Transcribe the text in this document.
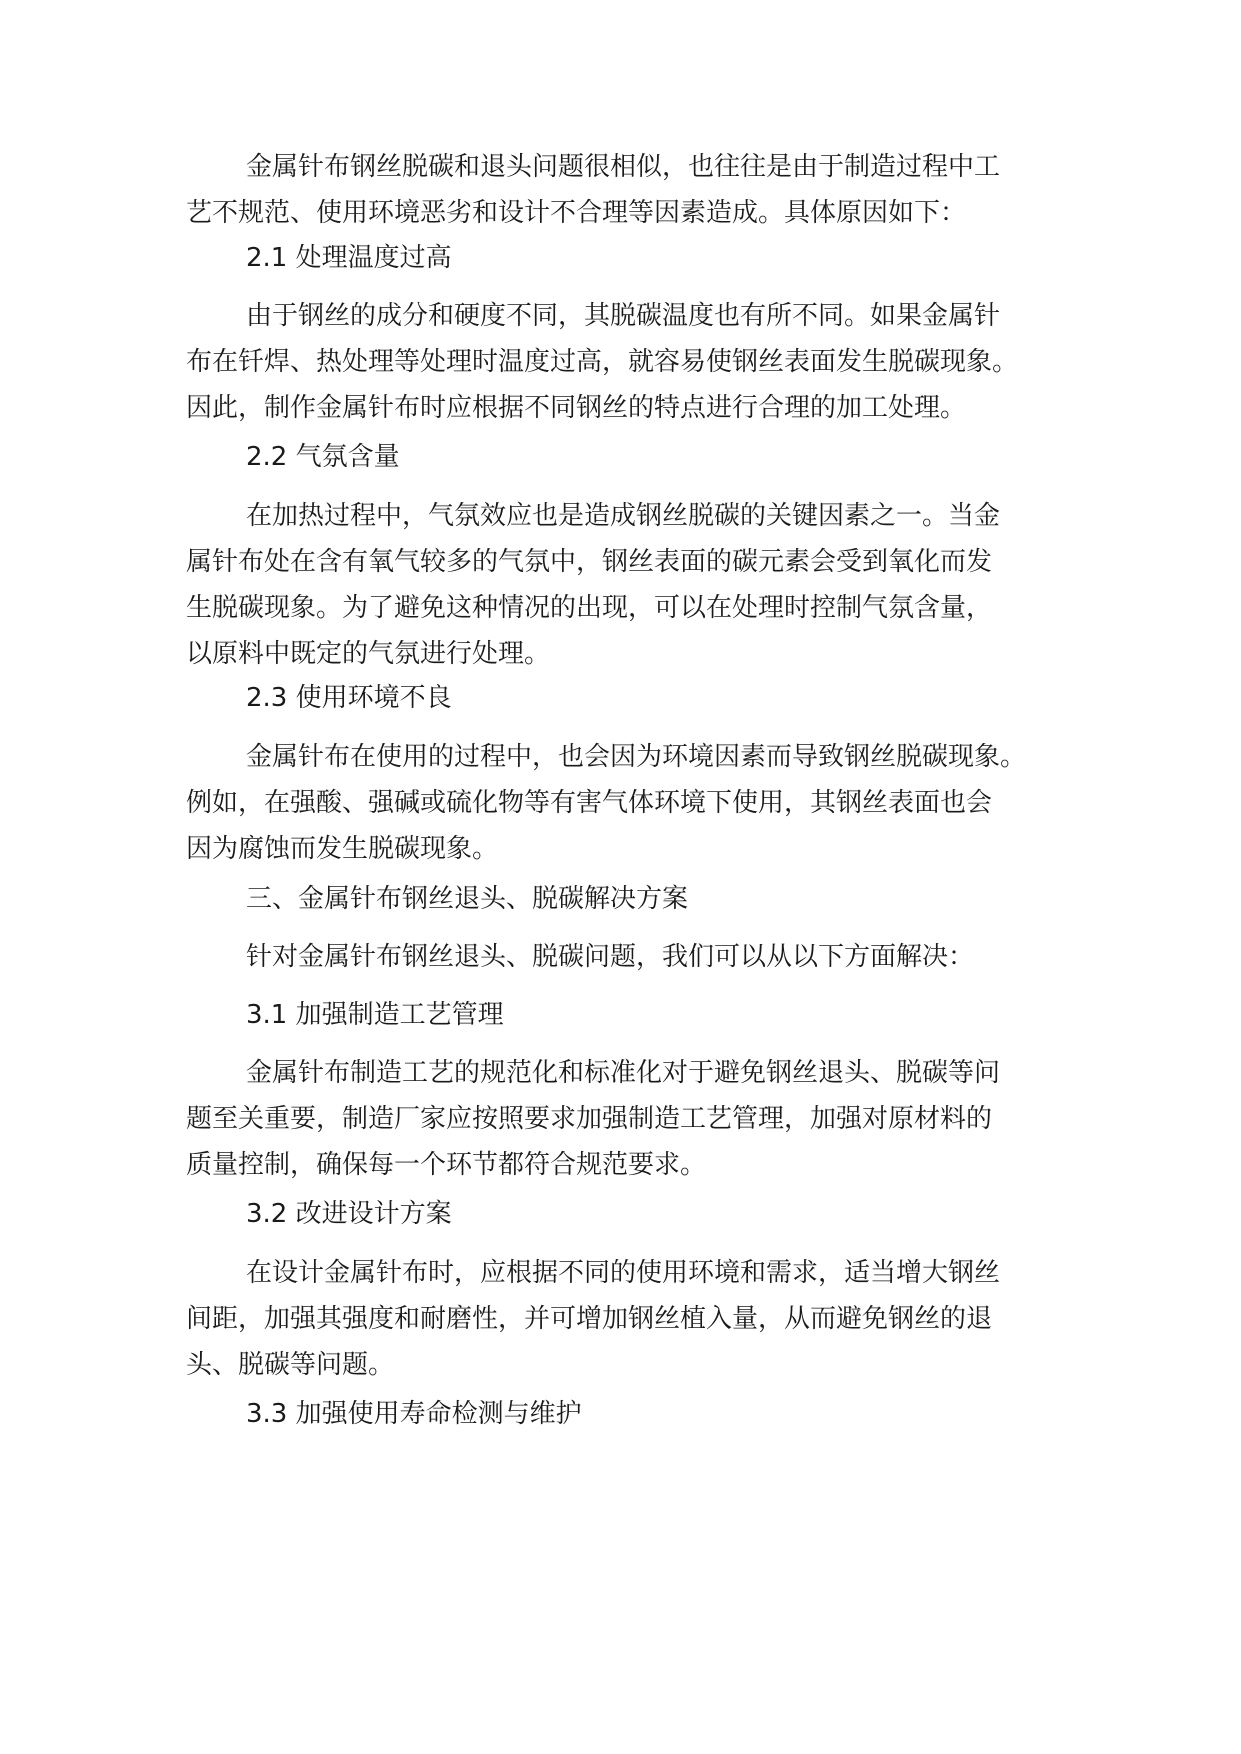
金属针布钢丝脱碳和退头问题很相似，也往往是由于制造过程中工
艺不规范、使用环境恶劣和设计不合理等因素造成。具体原因如下：
2.1 处理温度过高
由于钢丝的成分和硬度不同，其脱碳温度也有所不同。如果金属针
布在钎焊、热处理等处理时温度过高，就容易使钢丝表面发生脱碳现象。
因此，制作金属针布时应根据不同钢丝的特点进行合理的加工处理。
2.2 气氛含量
在加热过程中，气氛效应也是造成钢丝脱碳的关键因素之一。当金
属针布处在含有氧气较多的气氛中，钢丝表面的碳元素会受到氧化而发
生脱碳现象。为了避免这种情况的出现，可以在处理时控制气氛含量，
以原料中既定的气氛进行处理。
2.3 使用环境不良
金属针布在使用的过程中，也会因为环境因素而导致钢丝脱碳现象。
例如，在强酸、强碱或硫化物等有害气体环境下使用，其钢丝表面也会
因为腐蚀而发生脱碳现象。
三、金属针布钢丝退头、脱碳解决方案
针对金属针布钢丝退头、脱碳问题，我们可以从以下方面解决：
3.1 加强制造工艺管理
金属针布制造工艺的规范化和标准化对于避免钢丝退头、脱碳等问
题至关重要，制造厂家应按照要求加强制造工艺管理，加强对原材料的
质量控制，确保每一个环节都符合规范要求。
3.2 改进设计方案
在设计金属针布时，应根据不同的使用环境和需求，适当增大钢丝
间距，加强其强度和耐磨性，并可增加钢丝植入量，从而避免钢丝的退
头、脱碳等问题。
3.3 加强使用寿命检测与维护
